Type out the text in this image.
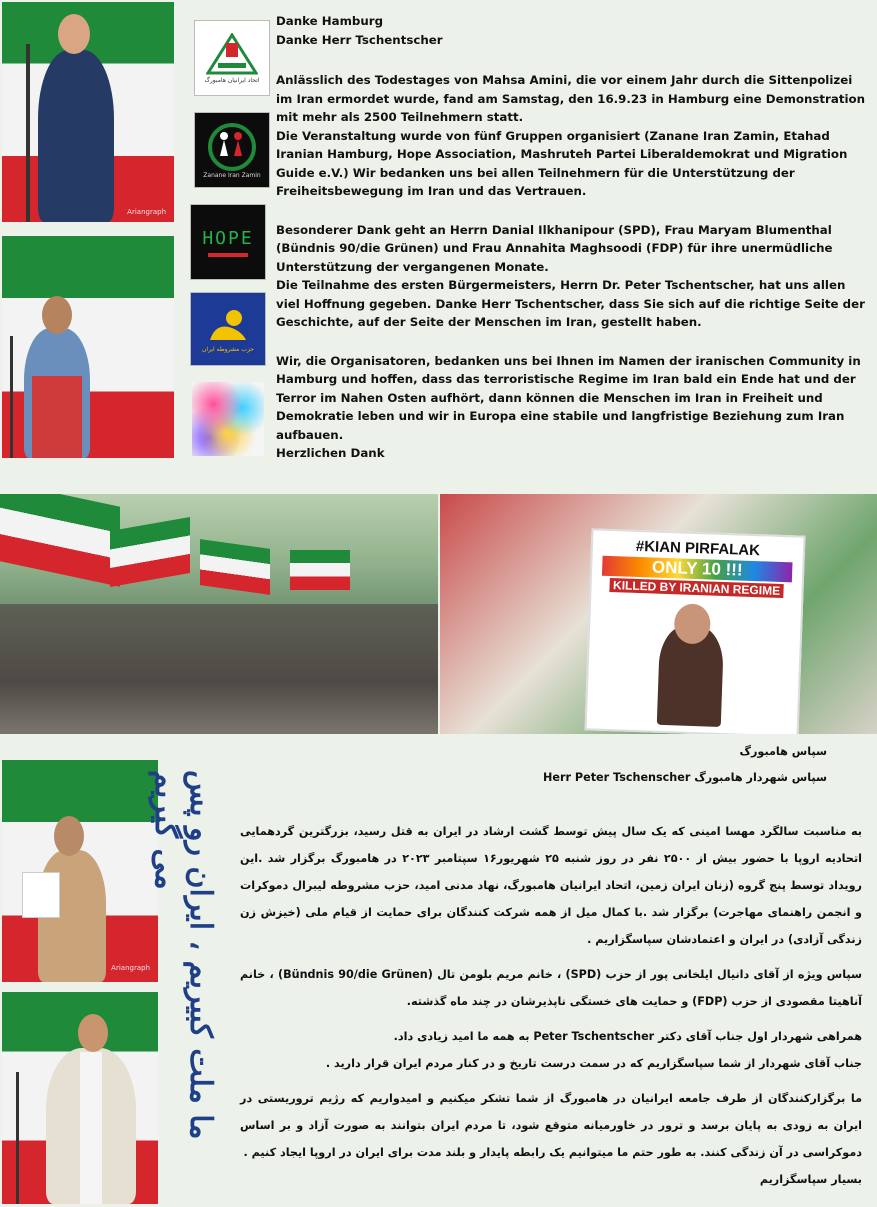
Ariangraph
اتحاد ایرانیان هامبورگ
Zanane Iran Zamin
HOPE
حزب مشروطه ایران

Danke Hamburg

Danke Herr Tschentscher

Anlässlich des Todestages von Mahsa Amini, die vor einem Jahr durch die Sittenpolizei im Iran ermordet wurde, fand am Samstag, den 16.9.23 in Hamburg eine Demonstration mit mehr als 2500 Teilnehmern statt.

Die Veranstaltung wurde von fünf Gruppen organisiert (Zanane Iran Zamin, Etahad Iranian Hamburg, Hope Association, Mashruteh Partei Liberaldemokrat und Migration Guide e.V.) Wir bedanken uns bei allen Teilnehmern für die Unterstützung der Freiheitsbewegung im Iran und das Vertrauen.

Besonderer Dank geht an Herrn Danial Ilkhanipour (SPD), Frau Maryam Blumenthal (Bündnis 90/die Grünen) und Frau Annahita Maghsoodi (FDP) für ihre unermüdliche Unterstützung der vergangenen Monate.

Die Teilnahme des ersten Bürgermeisters, Herrn Dr. Peter Tschentscher, hat uns allen viel Hoffnung gegeben. Danke Herr Tschentscher, dass Sie sich auf die richtige Seite der Geschichte, auf der Seite der Menschen im Iran, gestellt haben.

Wir, die Organisatoren, bedanken uns bei Ihnen im Namen der iranischen Community in Hamburg und hoffen, dass das terroristische Regime im Iran bald ein Ende hat und der Terror im Nahen Osten aufhört, dann können die Menschen im Iran in Freiheit und Demokratie leben und wir in Europa eine stabile und langfristige Beziehung zum Iran aufbauen.

Herzlichen Dank

#KIAN PIRFALAK
ONLY 10 !!!
KILLED BY IRANIAN REGIME
Ariangraph	ما ملت کبیریم ، ایران رو پس می گیریم
سپاس هامبورگ
سپاس شهردار هامبورگ Herr Peter Tschenscher

به مناسبت سالگرد مهسا امینی که یک سال پیش توسط گشت ارشاد در ایران به قتل رسید، بزرگترین گردهمایی اتحادیه اروپا با حضور بیش از ۲۵۰۰ نفر در روز شنبه ۲۵ شهریور۱۶ سپتامبر ۲۰۲۳ در هامبورگ برگزار شد .این رویداد توسط پنج گروه (زنان ایران زمین، اتحاد ایرانیان هامبورگ، نهاد مدنی امید، حزب مشروطه لیبرال دموکرات و انجمن راهنمای مهاجرت) برگزار شد .با کمال میل از همه شرکت کنندگان برای حمایت از قیام ملی (خیزش زن زندگی آزادی) در ایران و اعتمادشان سپاسگزاریم .

سپاس ویژه از آقای دانیال ایلخانی پور از حزب (SPD) ، خانم مریم بلومن تال (Bündnis 90/die Grünen) ، خانم آناهیتا مقصودی از حزب (FDP) و حمایت های خستگی ناپذیرشان در چند ماه گذشته.

همراهی شهردار اول جناب آقای دکتر Peter Tschentscher به همه ما امید زیادی داد.

جناب آقای شهردار از شما سپاسگزاریم که در سمت درست تاریخ و در کنار مردم ایران قرار دارید .

ما برگزارکنندگان از طرف جامعه ایرانیان در هامبورگ از شما تشکر میکنیم و امیدواریم که رژیم تروریستی در ایران به زودی به پایان برسد و ترور در خاورمیانه متوقع شود، تا مردم ایران بتوانند به صورت آزاد و بر اساس دموکراسی در آن زندگی کنند. به طور حتم ما میتوانیم یک رابطه پایدار و بلند مدت برای ایران در اروپا ایجاد کنیم .

بسیار سپاسگزاریم
